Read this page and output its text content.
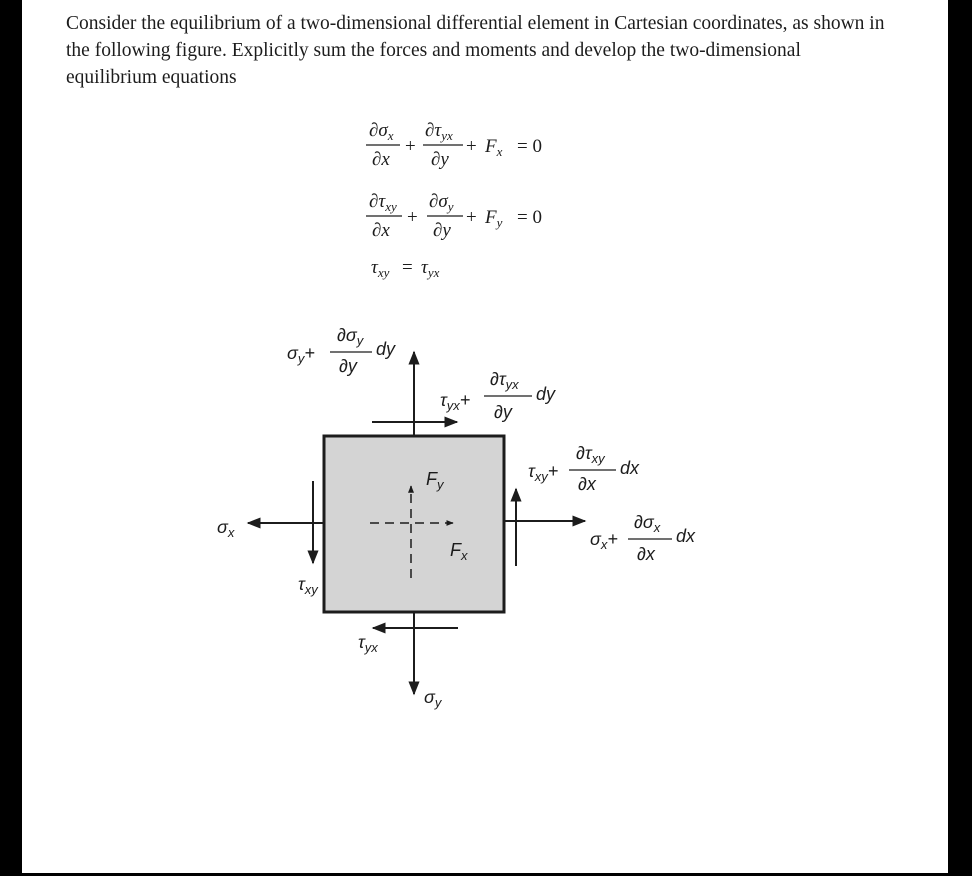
Consider the equilibrium of a two-dimensional differential element in Cartesian coordinates, as shown in the following figure. Explicitly sum the forces and moments and develop the two-dimensional equilibrium equations

$\partial\sigma_x$
∂x
+
$\partial\tau_{yx}$
∂y
+ $F_x = 0$
$\partial\tau_{xy}$
∂x
+
$\partial\sigma_y$
∂y
+ $F_y = 0$
$\tau_{xy} = \tau_{yx}$
$\sigma_y+$
$\partial\sigma_y$
∂y
dy
$\tau_{yx}+$
$\partial\tau_{yx}$
∂y
dy
$\tau_{xy}+$
$\partial\tau_{xy}$
∂x
dx
$\sigma_x+$
$\partial\sigma_x$
∂x
dx
$\sigma_x$
$\tau_{xy}$
$\tau_{yx}$
$\sigma_y$
$F_y$
$F_x$
